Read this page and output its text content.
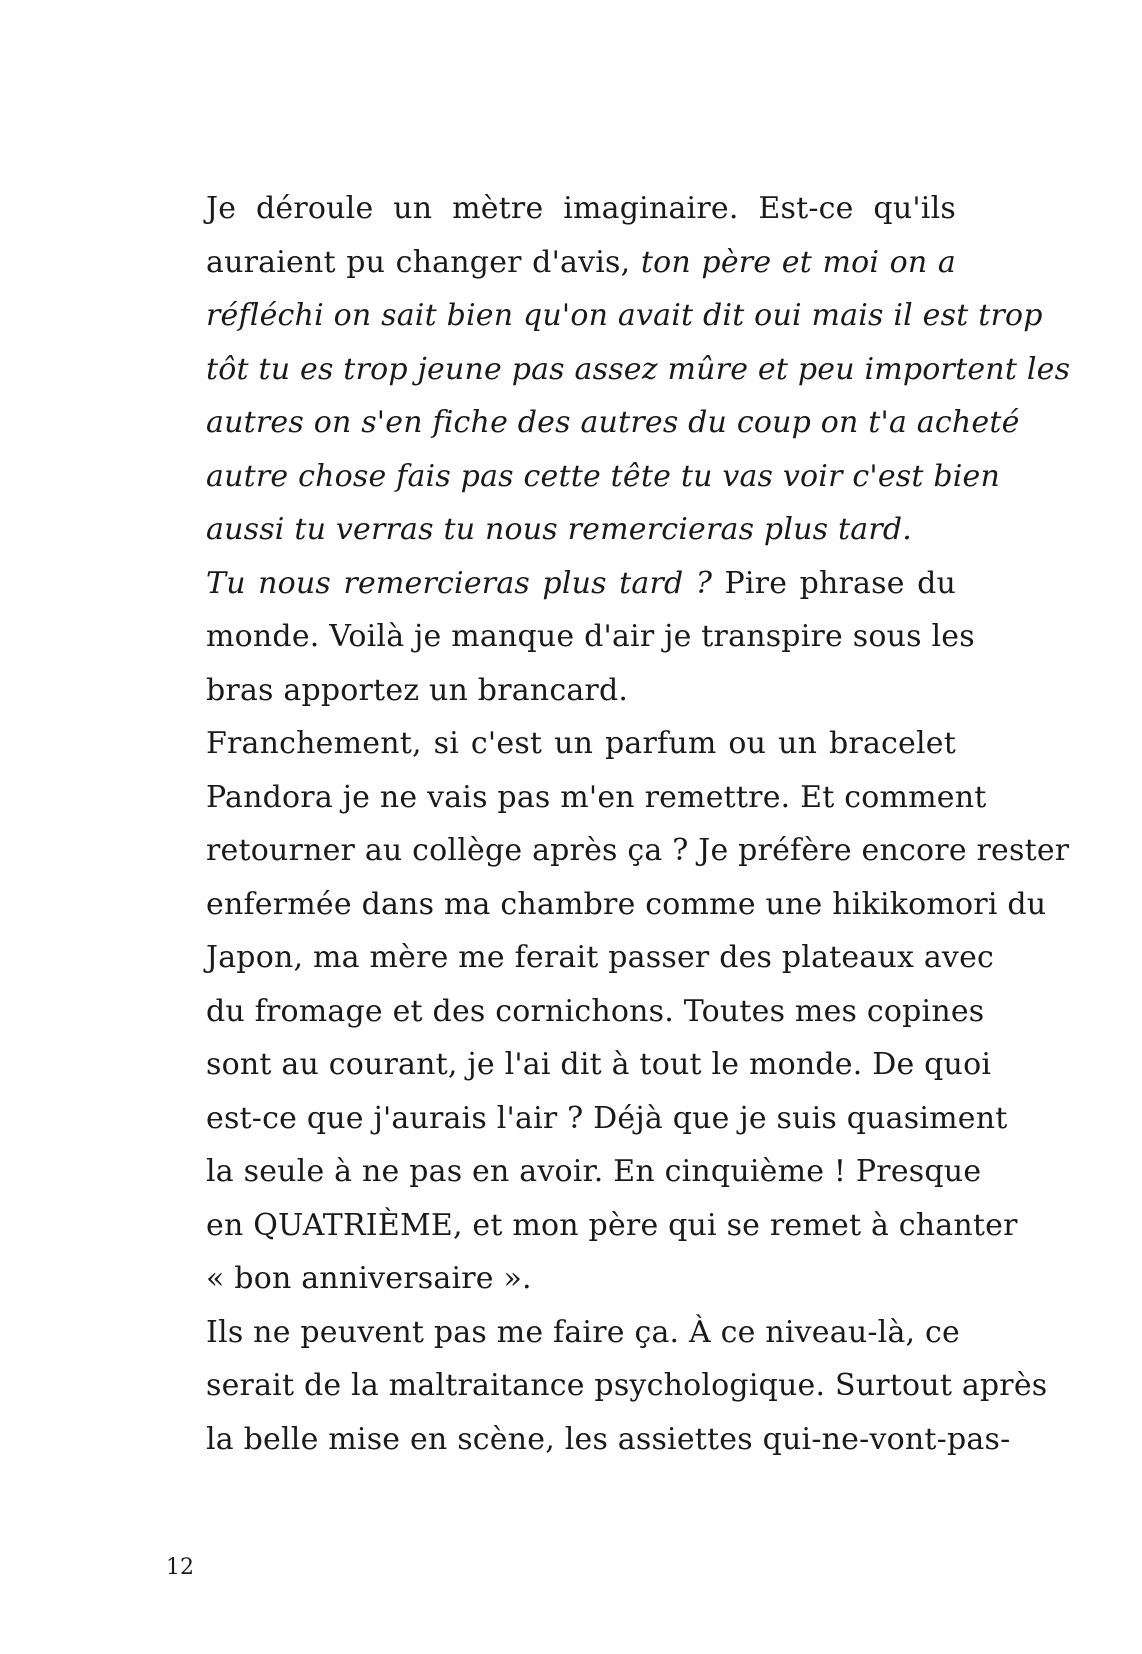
Je déroule un mètre imaginaire. Est-ce qu'ils
auraient pu changer d'avis, ton père et moi on a
réfléchi on sait bien qu'on avait dit oui mais il est trop
tôt tu es trop jeune pas assez mûre et peu importent les
autres on s'en fiche des autres du coup on t'a acheté
autre chose fais pas cette tête tu vas voir c'est bien
aussi tu verras tu nous remercieras plus tard.
Tu nous remercieras plus tard ? Pire phrase du
monde. Voilà je manque d'air je transpire sous les
bras apportez un brancard.
Franchement, si c'est un parfum ou un bracelet
Pandora je ne vais pas m'en remettre. Et comment
retourner au collège après ça ? Je préfère encore rester
enfermée dans ma chambre comme une hikikomori du
Japon, ma mère me ferait passer des plateaux avec
du fromage et des cornichons. Toutes mes copines
sont au courant, je l'ai dit à tout le monde. De quoi
est-ce que j'aurais l'air ? Déjà que je suis quasiment
la seule à ne pas en avoir. En cinquième ! Presque
en QUATRIÈME, et mon père qui se remet à chanter
« bon anniversaire ».
Ils ne peuvent pas me faire ça. À ce niveau-là, ce
serait de la maltraitance psychologique. Surtout après
la belle mise en scène, les assiettes qui-ne-vont-pas-
12
